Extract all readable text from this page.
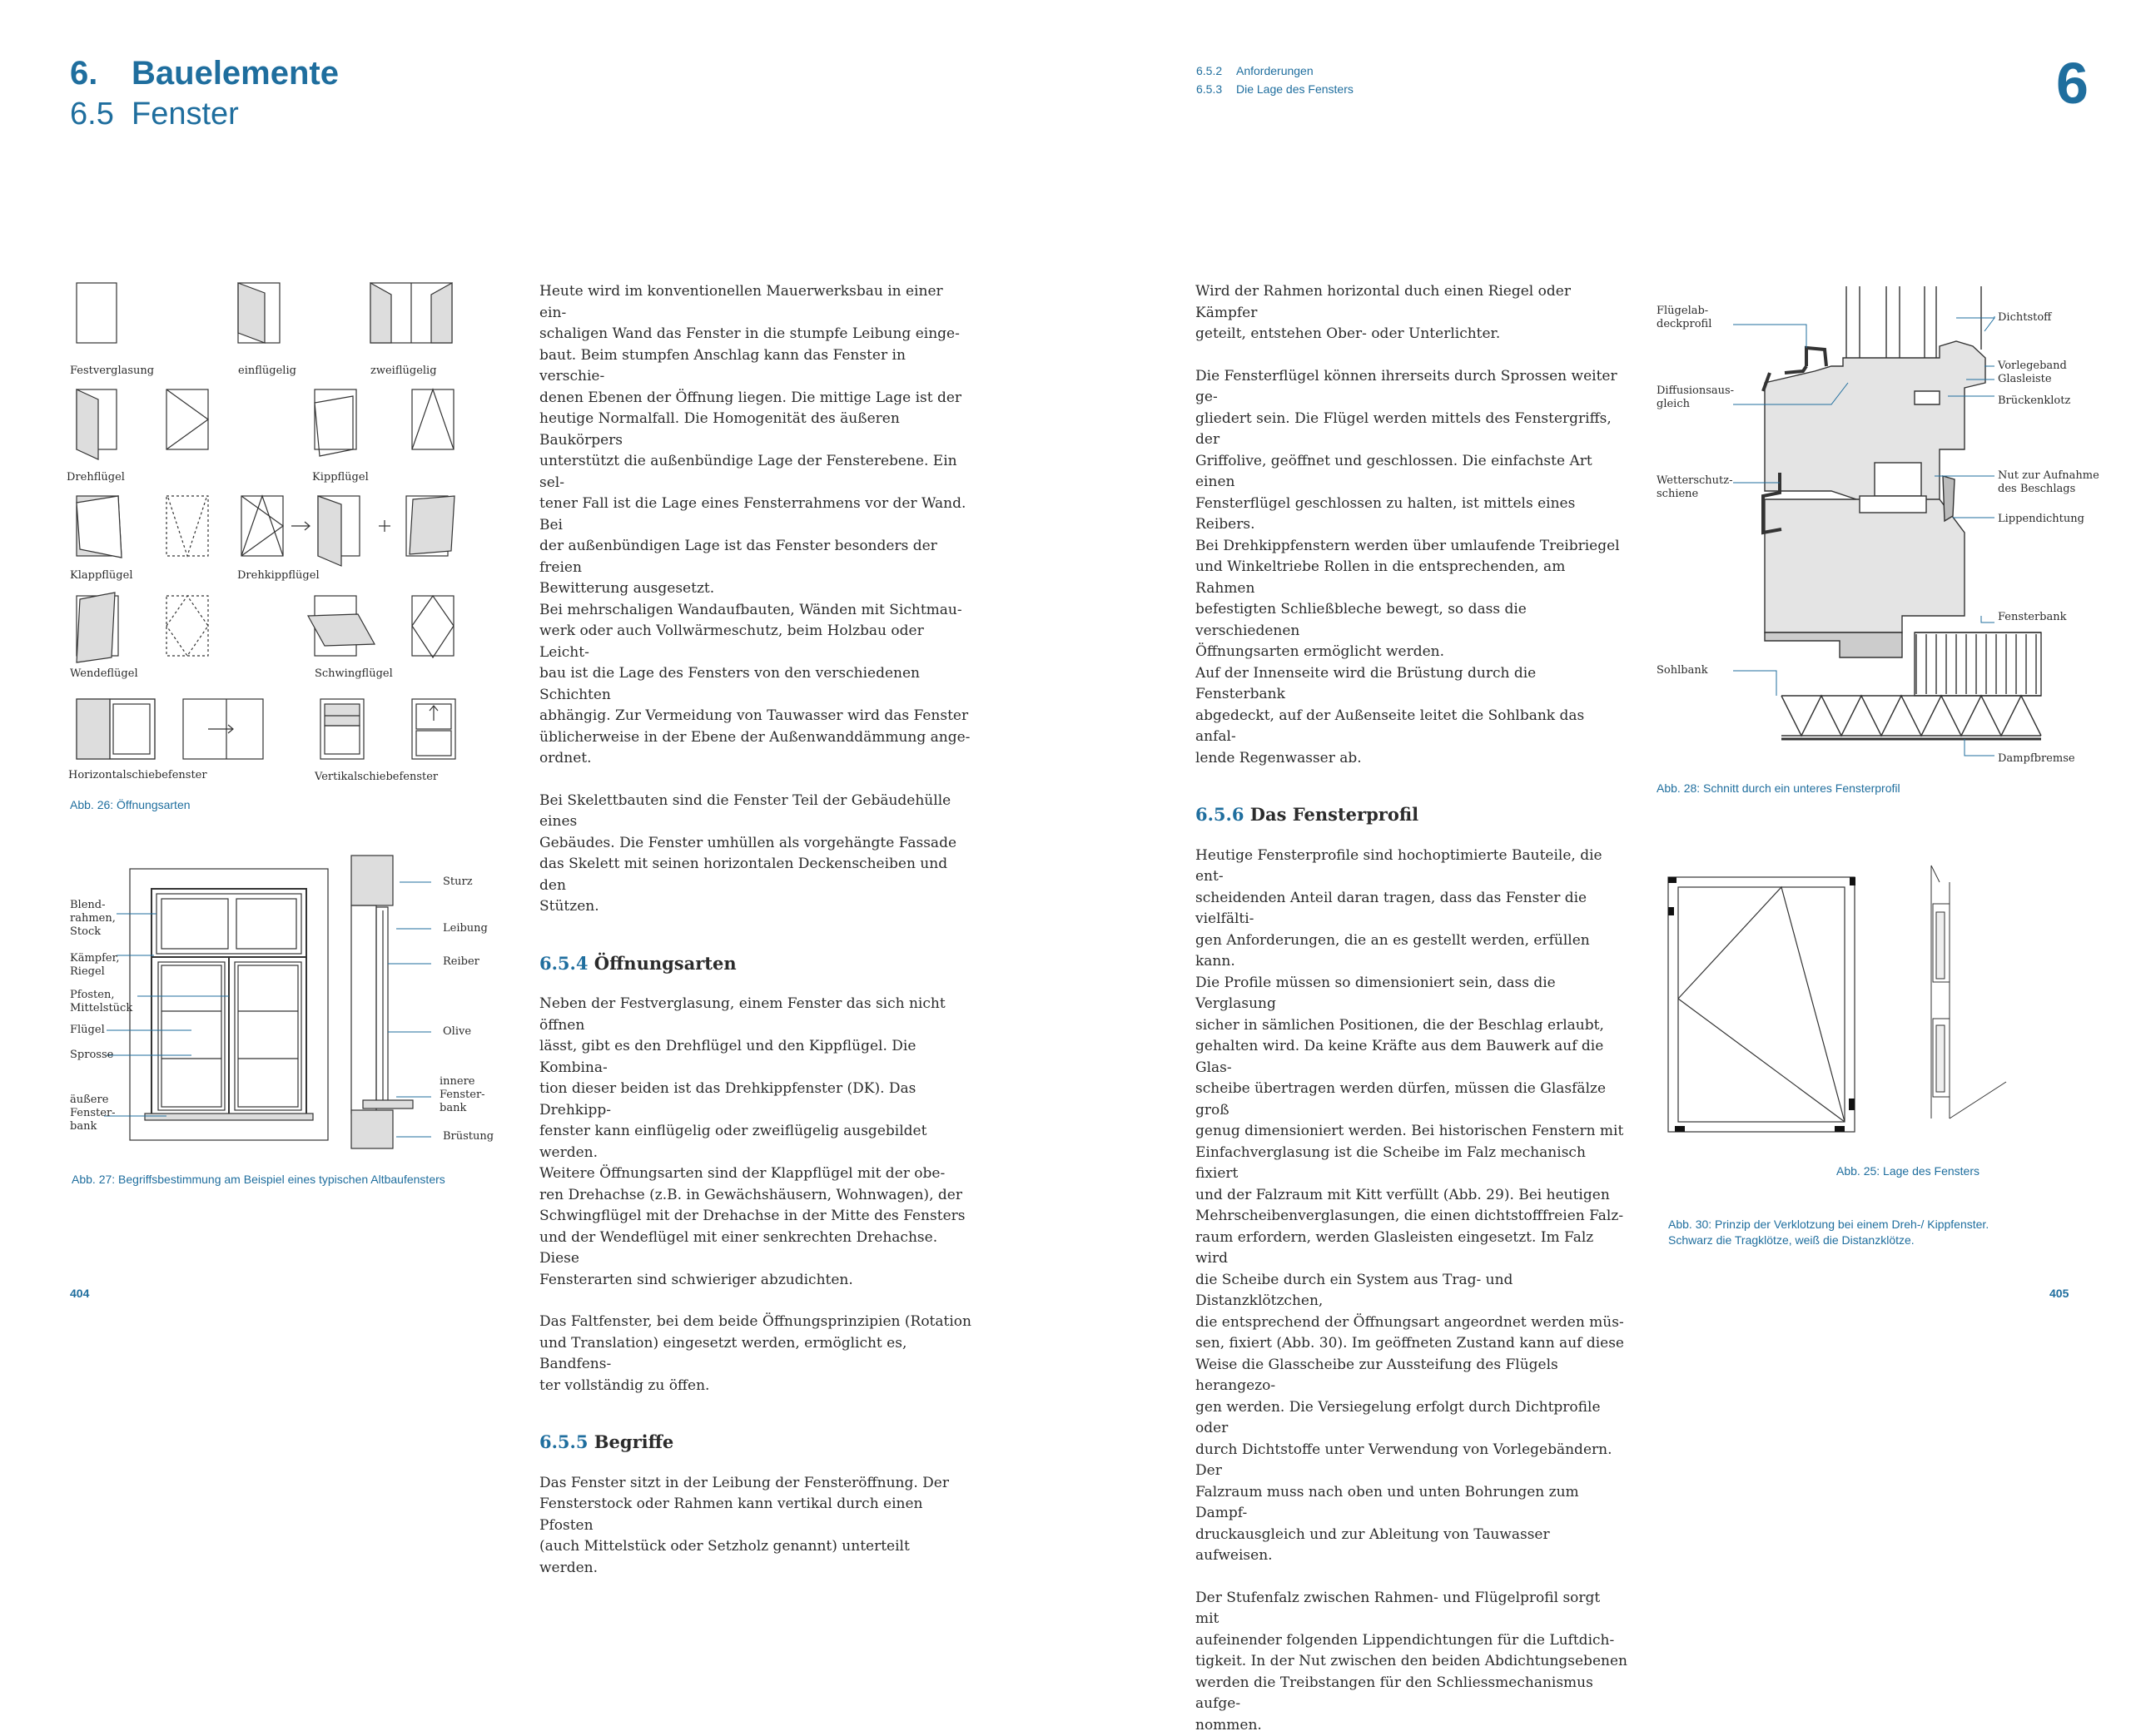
6. Bauelemente
6.5 Fenster
6.5.2 Anforderungen
6.5.3 Die Lage des Fensters	6
Festverglasung	einflügelig	zweiflügelig
Drehflügel	Kippflügel
Klappflügel	Drehkippflügel
Wendeflügel	Schwingflügel
Horizontalschiebefenster	Vertikalschiebefenster
Abb. 26: Öffnungsarten
Blend-
rahmen,
Stock
Kämpfer,
Riegel
Pfosten,
Mittelstück
Flügel
Sprosse
äußere
Fenster-
bank
Sturz
Leibung
Reiber
Olive
innere
Fenster-
bank
Brüstung
Abb. 27: Begriffsbestimmung am Beispiel eines typischen Altbaufensters

Heute wird im konventionellen Mauerwerksbau in einer ein-
schaligen Wand das Fenster in die stumpfe Leibung einge-
baut. Beim stumpfen Anschlag kann das Fenster in verschie-
denen Ebenen der Öffnung liegen. Die mittige Lage ist der
heutige Normalfall. Die Homogenität des äußeren Baukörpers
unterstützt die außenbündige Lage der Fensterebene. Ein sel-
tener Fall ist die Lage eines Fensterrahmens vor der Wand. Bei
der außenbündigen Lage ist das Fenster besonders der freien
Bewitterung ausgesetzt.
Bei mehrschaligen Wandaufbauten, Wänden mit Sichtmau-
werk oder auch Vollwärmeschutz, beim Holzbau oder Leicht-
bau ist die Lage des Fensters von den verschiedenen Schichten
abhängig. Zur Vermeidung von Tauwasser wird das Fenster
üblicherweise in der Ebene der Außenwanddämmung ange-
ordnet.

Bei Skelettbauten sind die Fenster Teil der Gebäudehülle eines
Gebäudes. Die Fenster umhüllen als vorgehängte Fassade
das Skelett mit seinen horizontalen Deckenscheiben und den
Stützen.

6.5.4 Öffnungsarten

Neben der Festverglasung, einem Fenster das sich nicht öffnen
lässt, gibt es den Drehflügel und den Kippflügel. Die Kombina-
tion dieser beiden ist das Drehkippfenster (DK). Das Drehkipp-
fenster kann einflügelig oder zweiflügelig ausgebildet werden.
Weitere Öffnungsarten sind der Klappflügel mit der obe-
ren Drehachse (z.B. in Gewächshäusern, Wohnwagen), der
Schwingflügel mit der Drehachse in der Mitte des Fensters
und der Wendeflügel mit einer senkrechten Drehachse. Diese
Fensterarten sind schwieriger abzudichten.

Das Faltfenster, bei dem beide Öffnungsprinzipien (Rotation
und Translation) eingesetzt werden, ermöglicht es, Bandfens-
ter vollständig zu öffen.

6.5.5 Begriffe

Das Fenster sitzt in der Leibung der Fensteröffnung. Der
Fensterstock oder Rahmen kann vertikal durch einen Pfosten
(auch Mittelstück oder Setzholz genannt) unterteilt werden.

Wird der Rahmen horizontal duch einen Riegel oder Kämpfer
geteilt, entstehen Ober- oder Unterlichter.

Die Fensterflügel können ihrerseits durch Sprossen weiter ge-
gliedert sein. Die Flügel werden mittels des Fenstergriffs, der
Griffolive, geöffnet und geschlossen. Die einfachste Art einen
Fensterflügel geschlossen zu halten, ist mittels eines Reibers.
Bei Drehkippfenstern werden über umlaufende Treibriegel
und Winkeltriebe Rollen in die entsprechenden, am Rahmen
befestigten Schließbleche bewegt, so dass die verschiedenen
Öffnungsarten ermöglicht werden.
Auf der Innenseite wird die Brüstung durch die Fensterbank
abgedeckt, auf der Außenseite leitet die Sohlbank das anfal-
lende Regenwasser ab.

6.5.6 Das Fensterprofil

Heutige Fensterprofile sind hochoptimierte Bauteile, die ent-
scheidenden Anteil daran tragen, dass das Fenster die vielfälti-
gen Anforderungen, die an es gestellt werden, erfüllen kann.
Die Profile müssen so dimensioniert sein, dass die Verglasung
sicher in sämlichen Positionen, die der Beschlag erlaubt,
gehalten wird. Da keine Kräfte aus dem Bauwerk auf die Glas-
scheibe übertragen werden dürfen, müssen die Glasfälze groß
genug dimensioniert werden. Bei historischen Fenstern mit
Einfachverglasung ist die Scheibe im Falz mechanisch fixiert
und der Falzraum mit Kitt verfüllt (Abb. 29). Bei heutigen
Mehrscheibenverglasungen, die einen dichtstofffreien Falz-
raum erfordern, werden Glasleisten eingesetzt. Im Falz wird
die Scheibe durch ein System aus Trag- und Distanzklötzchen,
die entsprechend der Öffnungsart angeordnet werden müs-
sen, fixiert (Abb. 30). Im geöffneten Zustand kann auf diese
Weise die Glasscheibe zur Aussteifung des Flügels herangezo-
gen werden. Die Versiegelung erfolgt durch Dichtprofile oder
durch Dichtstoffe unter Verwendung von Vorlegebändern. Der
Falzraum muss nach oben und unten Bohrungen zum Dampf-
druckausgleich und zur Ableitung von Tauwasser aufweisen.

Der Stufenfalz zwischen Rahmen- und Flügelprofil sorgt mit
aufeinender folgenden Lippendichtungen für die Luftdich-
tigkeit. In der Nut zwischen den beiden Abdichtungsebenen
werden die Treibstangen für den Schliessmechanismus aufge-
nommen.

Flügelab-
deckprofil
Diffusionsaus-
gleich
Wetterschutz-
schiene
Sohlbank
Dichtstoff
Vorlegeband
Glasleiste
Brückenklotz
Nut zur Aufnahme
des Beschlags
Lippendichtung
Fensterbank
Dampfbremse
Abb. 28: Schnitt durch ein unteres Fensterprofil
Abb. 25: Lage des Fensters
Abb. 30: Prinzip der Verklotzung bei einem Dreh-/ Kippfenster.
Schwarz die Tragklötze, weiß die Distanzklötze.
404	405
